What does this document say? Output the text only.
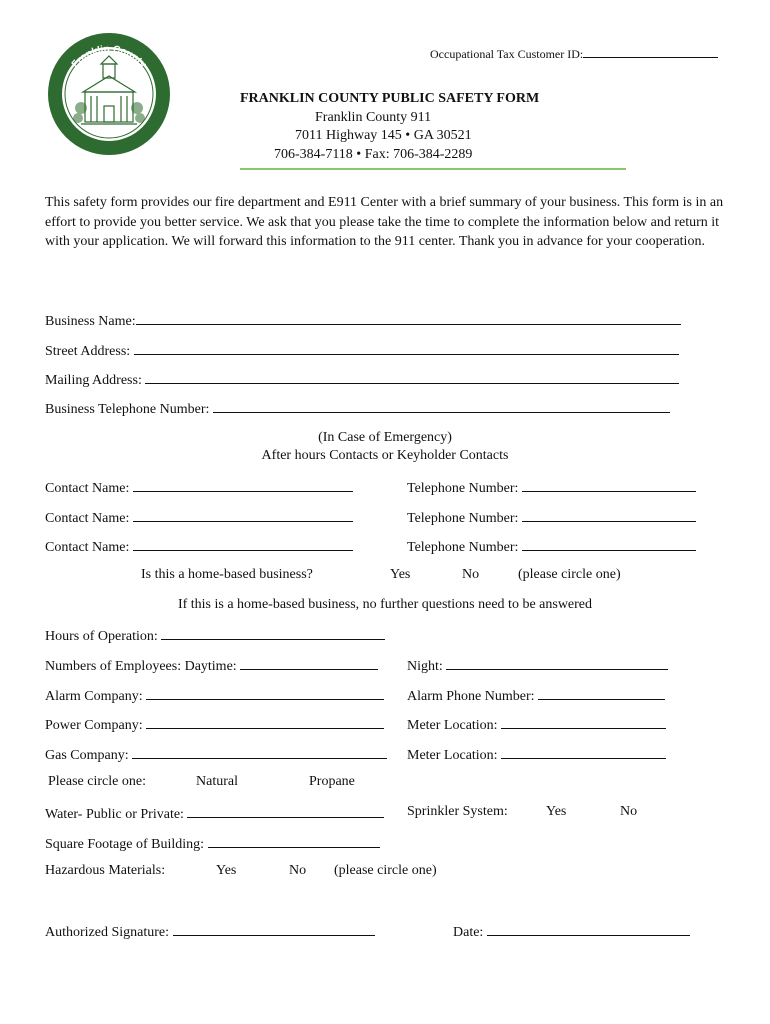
Franklin County
Georgia
Occupational Tax Customer ID:
FRANKLIN COUNTY PUBLIC SAFETY FORM
Franklin County 911
7011 Highway 145 • GA 30521
706-384-7118 • Fax: 706-384-2289
This safety form provides our fire department and E911 Center with a brief summary of your business. This form is in an effort to provide you better service. We ask that you please take the time to complete the information below and return it with your application. We will forward this information to the 911 center. Thank you in advance for your cooperation.
Business Name:
Street Address:
Mailing Address:
Business Telephone Number:
(In Case of Emergency)
After hours Contacts or Keyholder Contacts
Contact Name:	Telephone Number:
Contact Name:	Telephone Number:
Contact Name:	Telephone Number:
Is this a home-based business?	Yes	No	(please circle one)
If this is a home-based business, no further questions need to be answered
Hours of Operation:
Numbers of Employees: Daytime:	Night:
Alarm Company:	Alarm Phone Number:
Power Company:	Meter Location:
Gas Company:	Meter Location:
Please circle one:	Natural	Propane
Water- Public or Private:	Sprinkler System:	Yes	No
Square Footage of Building:
Hazardous Materials:	Yes	No (please circle one)
Authorized Signature:	Date:
